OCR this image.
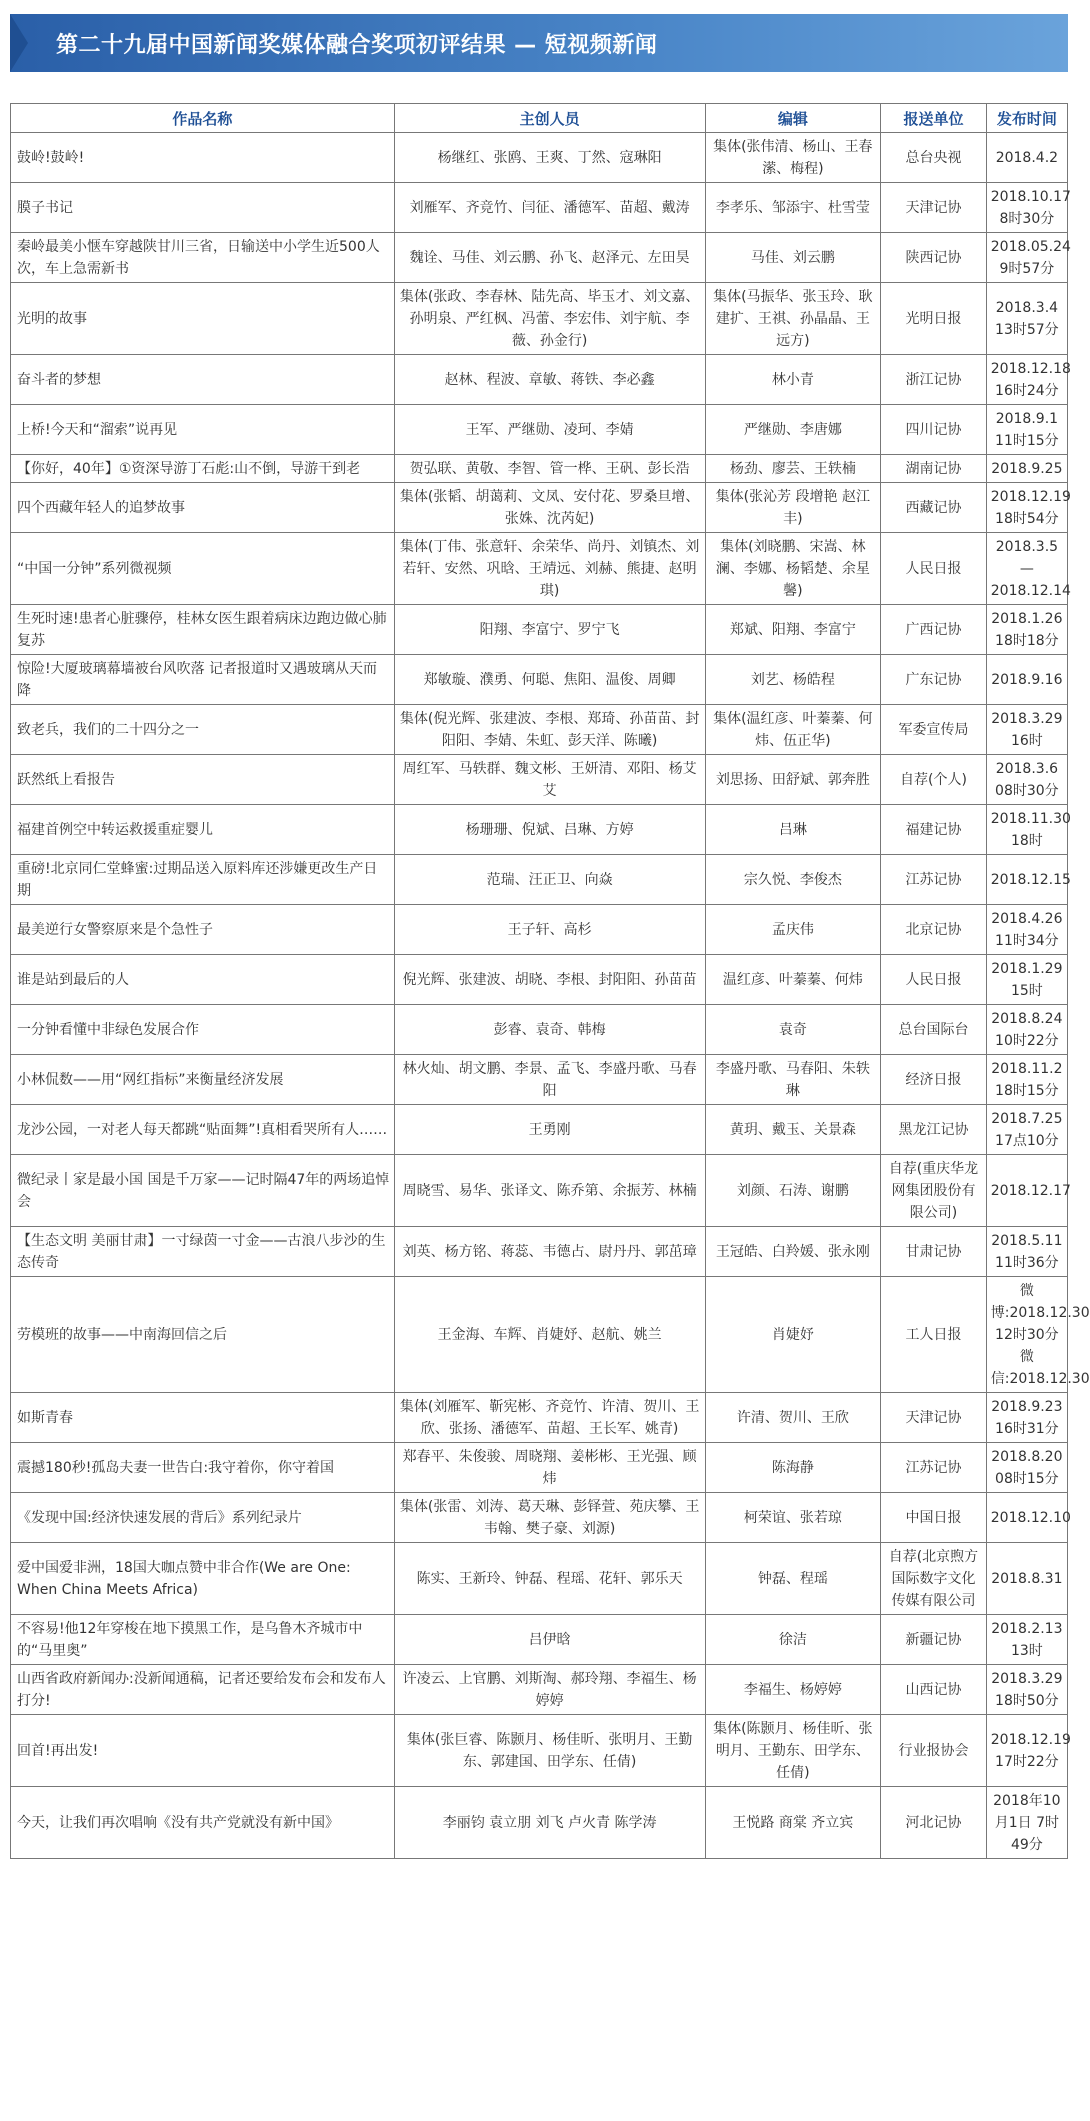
第二十九届中国新闻奖媒体融合奖项初评结果 — 短视频新闻
作品名称	主创人员	编辑	报送单位	发布时间
鼓岭!鼓岭!	杨继红、张鸥、王爽、丁然、寇琳阳	集体(张伟清、杨山、王春潆、梅程)	总台央视	2018.4.2
膜子书记	刘雁军、齐竞竹、闫征、潘德军、苗超、戴涛	李孝乐、邹添宇、杜雪莹	天津记协	2018.10.17 8时30分
秦岭最美小惬车穿越陕甘川三省，日输送中小学生近500人次，车上急需新书	魏诠、马佳、刘云鹏、孙飞、赵泽元、左田昊	马佳、刘云鹏	陕西记协	2018.05.24 9时57分
光明的故事	集体(张政、李春林、陆先高、毕玉才、刘文嘉、孙明泉、严红枫、冯蕾、李宏伟、刘宇航、李薇、孙金行)	集体(马振华、张玉玲、耿建扩、王祺、孙晶晶、王远方)	光明日报	2018.3.4 13时57分
奋斗者的梦想	赵林、程波、章敏、蒋铁、李必鑫	林小青	浙江记协	2018.12.18 16时24分
上桥!今天和“溜索”说再见	王军、严继勋、凌珂、李婧	严继勋、李唐娜	四川记协	2018.9.1 11时15分
【你好，40年】①资深导游丁石彪:山不倒，导游干到老	贺弘联、黄敬、李智、管一桦、王矾、彭长浩	杨劲、廖芸、王轶楠	湖南记协	2018.9.25
四个西藏年轻人的追梦故事	集体(张韬、胡蔼莉、文凤、安付花、罗桑旦增、张姝、沈芮妃)	集体(张沁芳 段增艳 赵江丰)	西藏记协	2018.12.19 18时54分
“中国一分钟”系列微视频	集体(丁伟、张意轩、余荣华、尚丹、刘镇杰、刘若轩、安然、巩晗、王靖远、刘赫、熊捷、赵明琪)	集体(刘晓鹏、宋嵩、林澜、李娜、杨韬楚、余星馨)	人民日报	2018.3.5—2018.12.14
生死时速!患者心脏骤停，桂林女医生跟着病床边跑边做心肺复苏	阳翔、李富宁、罗宁飞	郑斌、阳翔、李富宁	广西记协	2018.1.26 18时18分
惊险!大厦玻璃幕墙被台风吹落 记者报道时又遇玻璃从天而降	郑敏璇、濮勇、何聪、焦阳、温俊、周卿	刘艺、杨皓程	广东记协	2018.9.16
致老兵，我们的二十四分之一	集体(倪光辉、张建波、李根、郑琦、孙苗苗、封阳阳、李婧、朱虹、彭天洋、陈曦)	集体(温红彦、叶蓁蓁、何炜、伍正华)	军委宣传局	2018.3.29 16时
跃然纸上看报告	周红军、马轶群、魏文彬、王妍清、邓阳、杨艾艾	刘思扬、田舒斌、郭奔胜	自荐(个人)	2018.3.6 08时30分
福建首例空中转运救援重症婴儿	杨珊珊、倪斌、吕琳、方婷	吕琳	福建记协	2018.11.30 18时
重磅!北京同仁堂蜂蜜:过期品送入原料库还涉嫌更改生产日期	范瑞、汪正卫、向焱	宗久悦、李俊杰	江苏记协	2018.12.15
最美逆行女警察原来是个急性子	王子轩、高杉	孟庆伟	北京记协	2018.4.26 11时34分
谁是站到最后的人	倪光辉、张建波、胡晓、李根、封阳阳、孙苗苗	温红彦、叶蓁蓁、何炜	人民日报	2018.1.29 15时
一分钟看懂中非绿色发展合作	彭睿、袁奇、韩梅	袁奇	总台国际台	2018.8.24 10时22分
小林侃数——用“网红指标”来衡量经济发展	林火灿、胡文鹏、李景、孟飞、李盛丹歌、马春阳	李盛丹歌、马春阳、朱轶琳	经济日报	2018.11.2 18时15分
龙沙公园，一对老人每天都跳“贴面舞”!真相看哭所有人……	王勇刚	黄玥、戴玉、关景森	黑龙江记协	2018.7.25 17点10分
微纪录丨家是最小国 国是千万家——记时隔47年的两场追悼会	周晓雪、易华、张译文、陈乔第、余振芳、林楠	刘颜、石涛、谢鹏	自荐(重庆华龙网集团股份有限公司)	2018.12.17
【生态文明 美丽甘肃】一寸绿茵一寸金——古浪八步沙的生态传奇	刘英、杨方铭、蒋蕊、韦德占、尉丹丹、郭茁璋	王冠皓、白羚媛、张永刚	甘肃记协	2018.5.11 11时36分
劳模班的故事——中南海回信之后	王金海、车辉、肖婕妤、赵航、姚兰	肖婕妤	工人日报	微博:2018.12.30 12时30分 微信:2018.12.30
如斯青春	集体(刘雁军、靳宪彬、齐竞竹、许清、贺川、王欣、张扬、潘德军、苗超、王长军、姚青)	许清、贺川、王欣	天津记协	2018.9.23 16时31分
震撼180秒!孤岛夫妻一世告白:我守着你，你守着国	郑春平、朱俊骏、周晓翔、姜彬彬、王光强、顾炜	陈海静	江苏记协	2018.8.20 08时15分
《发现中国:经济快速发展的背后》系列纪录片	集体(张雷、刘涛、葛天琳、彭铎萱、苑庆攀、王韦翰、樊子豪、刘源)	柯荣谊、张若琼	中国日报	2018.12.10
爱中国爱非洲，18国大咖点赞中非合作(We are One: When China Meets Africa)	陈实、王新玲、钟磊、程瑶、花轩、郭乐天	钟磊、程瑶	自荐(北京煦方国际数字文化传媒有限公司	2018.8.31
不容易!他12年穿梭在地下摸黑工作，是乌鲁木齐城市中的“马里奥”	吕伊晗	徐洁	新疆记协	2018.2.13 13时
山西省政府新闻办:没新闻通稿，记者还要给发布会和发布人打分!	许凌云、上官鹏、刘斯淘、郝玲翔、李福生、杨婷婷	李福生、杨婷婷	山西记协	2018.3.29 18时50分
回首!再出发!	集体(张巨睿、陈颢月、杨佳昕、张明月、王勤东、郭建国、田学东、任倩)	集体(陈颢月、杨佳昕、张明月、王勤东、田学东、任倩)	行业报协会	2018.12.19 17时22分
今天，让我们再次唱响《没有共产党就没有新中国》	李丽钧 袁立朋 刘飞 卢火青 陈学涛	王悦路 商棠 齐立宾	河北记协	2018年10月1日 7时49分
